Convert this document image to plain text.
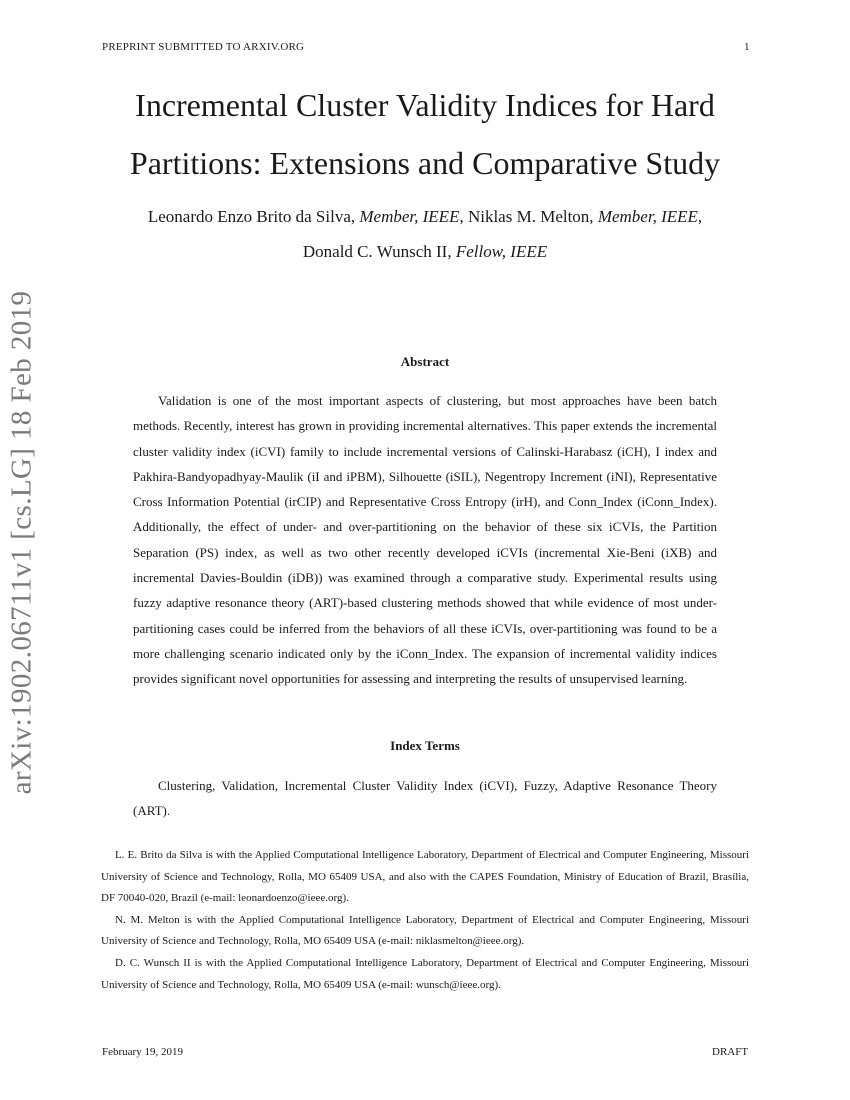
PREPRINT SUBMITTED TO ARXIV.ORG	1
Incremental Cluster Validity Indices for Hard
Partitions: Extensions and Comparative Study
Leonardo Enzo Brito da Silva, Member, IEEE, Niklas M. Melton, Member, IEEE,
Donald C. Wunsch II, Fellow, IEEE
arXiv:1902.06711v1 [cs.LG] 18 Feb 2019	Abstract
Validation is one of the most important aspects of clustering, but most approaches have been batch methods. Recently, interest has grown in providing incremental alternatives. This paper extends the incremental cluster validity index (iCVI) family to include incremental versions of Calinski-Harabasz (iCH), I index and Pakhira-Bandyopadhyay-Maulik (iI and iPBM), Silhouette (iSIL), Negentropy Increment (iNI), Representative Cross Information Potential (irCIP) and Representative Cross Entropy (irH), and Conn_Index (iConn_Index). Additionally, the effect of under- and over-partitioning on the behavior of these six iCVIs, the Partition Separation (PS) index, as well as two other recently developed iCVIs (incremental Xie-Beni (iXB) and incremental Davies-Bouldin (iDB)) was examined through a comparative study. Experimental results using fuzzy adaptive resonance theory (ART)-based clustering methods showed that while evidence of most under-partitioning cases could be inferred from the behaviors of all these iCVIs, over-partitioning was found to be a more challenging scenario indicated only by the iConn_Index. The expansion of incremental validity indices provides significant novel opportunities for assessing and interpreting the results of unsupervised learning.
Index Terms
Clustering, Validation, Incremental Cluster Validity Index (iCVI), Fuzzy, Adaptive Resonance Theory (ART).

L. E. Brito da Silva is with the Applied Computational Intelligence Laboratory, Department of Electrical and Computer Engineering, Missouri University of Science and Technology, Rolla, MO 65409 USA, and also with the CAPES Foundation, Ministry of Education of Brazil, Brasília, DF 70040-020, Brazil (e-mail: leonardoenzo@ieee.org).

N. M. Melton is with the Applied Computational Intelligence Laboratory, Department of Electrical and Computer Engineering, Missouri University of Science and Technology, Rolla, MO 65409 USA (e-mail: niklasmelton@ieee.org).

D. C. Wunsch II is with the Applied Computational Intelligence Laboratory, Department of Electrical and Computer Engineering, Missouri University of Science and Technology, Rolla, MO 65409 USA (e-mail: wunsch@ieee.org).

February 19, 2019	DRAFT
